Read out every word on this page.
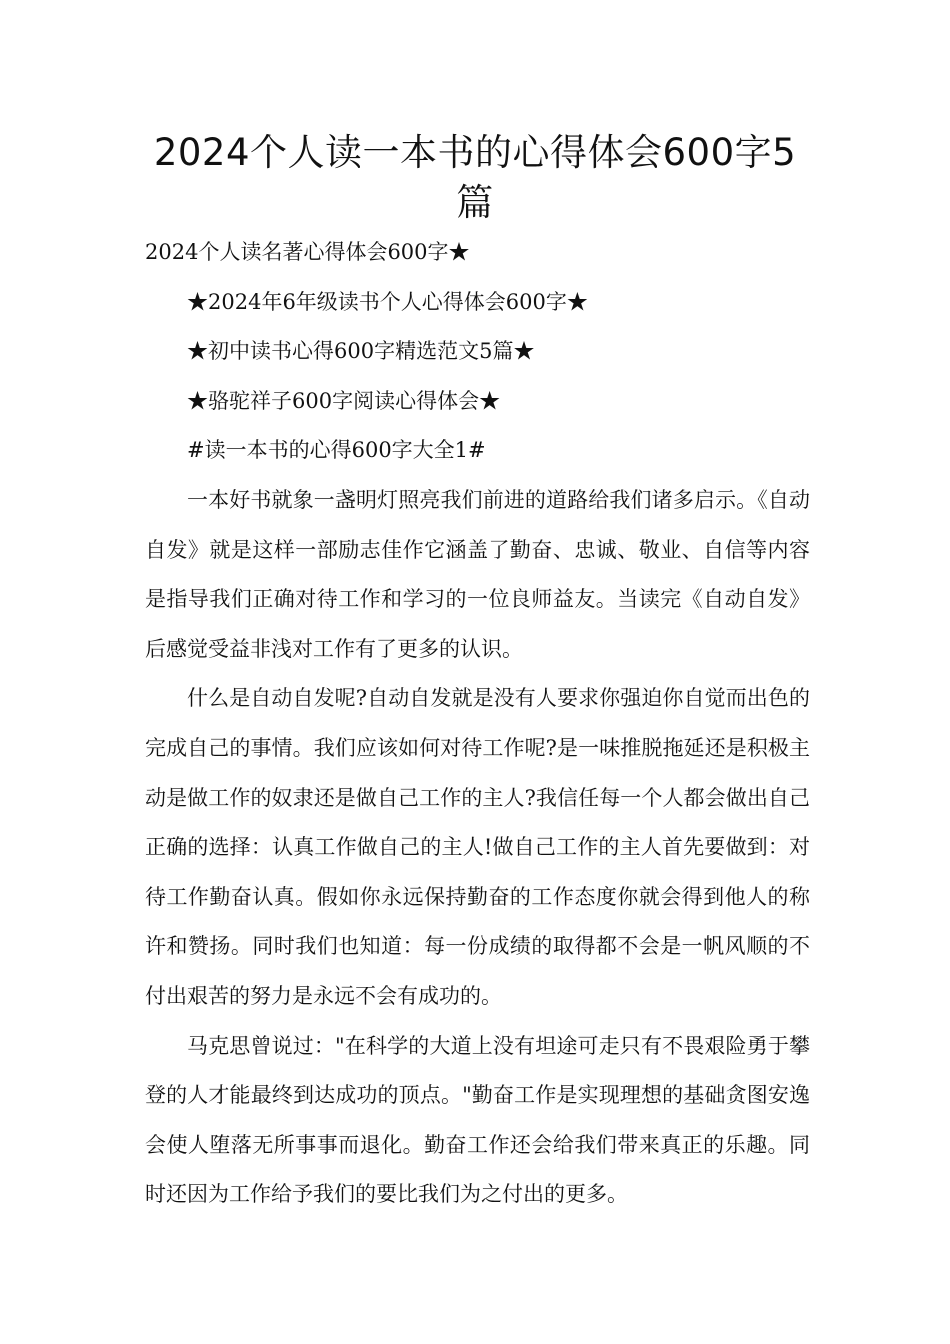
2024个人读一本书的心得体会600字5篇

2024个人读名著心得体会600字★

★2024年6年级读书个人心得体会600字★

★初中读书心得600字精选范文5篇★

★骆驼祥子600字阅读心得体会★

#读一本书的心得600字大全1#

一本好书就象一盏明灯照亮我们前进的道路给我们诸多启示。《自动自发》就是这样一部励志佳作它涵盖了勤奋、忠诚、敬业、自信等内容是指导我们正确对待工作和学习的一位良师益友。当读完《自动自发》后感觉受益非浅对工作有了更多的认识。

什么是自动自发呢?自动自发就是没有人要求你强迫你自觉而出色的完成自己的事情。我们应该如何对待工作呢?是一味推脱拖延还是积极主动是做工作的奴隶还是做自己工作的主人?我信任每一个人都会做出自己正确的选择：认真工作做自己的主人!做自己工作的主人首先要做到：对待工作勤奋认真。假如你永远保持勤奋的工作态度你就会得到他人的称许和赞扬。同时我们也知道：每一份成绩的取得都不会是一帆风顺的不付出艰苦的努力是永远不会有成功的。

马克思曾说过："在科学的大道上没有坦途可走只有不畏艰险勇于攀登的人才能最终到达成功的顶点。"勤奋工作是实现理想的基础贪图安逸会使人堕落无所事事而退化。勤奋工作还会给我们带来真正的乐趣。同时还因为工作给予我们的要比我们为之付出的更多。
